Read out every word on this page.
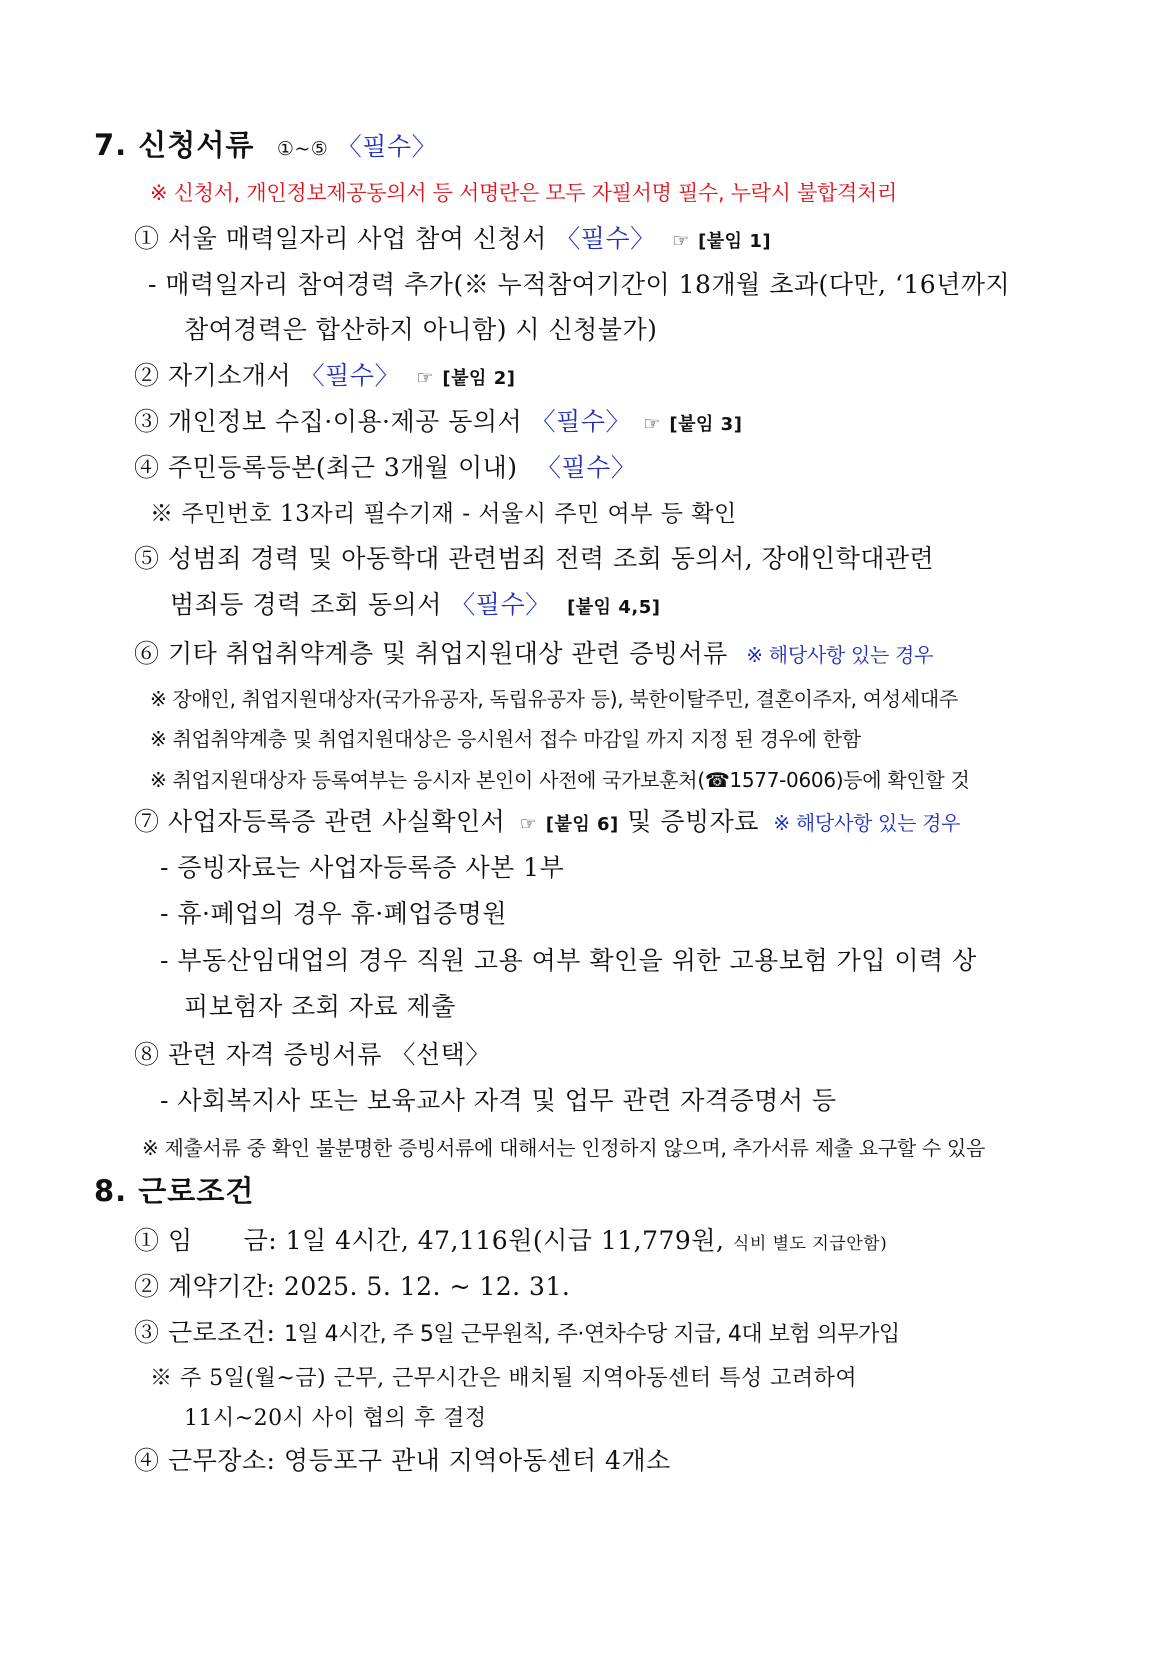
7. 신청서류 ①~⑤ 〈필수〉
※ 신청서, 개인정보제공동의서 등 서명란은 모두 자필서명 필수, 누락시 불합격처리
① 서울 매력일자리 사업 참여 신청서 〈필수〉 ☞ [붙임 1]
- 매력일자리 참여경력 추가(※ 누적참여기간이 18개월 초과(다만, ‘16년까지
참여경력은 합산하지 아니함) 시 신청불가)
② 자기소개서 〈필수〉 ☞ [붙임 2]
③ 개인정보 수집·이용·제공 동의서 〈필수〉 ☞ [붙임 3]
④ 주민등록등본(최근 3개월 이내) 〈필수〉
※ 주민번호 13자리 필수기재 - 서울시 주민 여부 등 확인
⑤ 성범죄 경력 및 아동학대 관련범죄 전력 조회 동의서, 장애인학대관련
범죄등 경력 조회 동의서 〈필수〉 [붙임 4,5]
⑥ 기타 취업취약계층 및 취업지원대상 관련 증빙서류 ※ 해당사항 있는 경우
※ 장애인, 취업지원대상자(국가유공자, 독립유공자 등), 북한이탈주민, 결혼이주자, 여성세대주
※ 취업취약계층 및 취업지원대상은 응시원서 접수 마감일 까지 지정 된 경우에 한함
※ 취업지원대상자 등록여부는 응시자 본인이 사전에 국가보훈처(☎1577-0606)등에 확인할 것
⑦ 사업자등록증 관련 사실확인서 ☞ [붙임 6] 및 증빙자료 ※ 해당사항 있는 경우
- 증빙자료는 사업자등록증 사본 1부
- 휴·폐업의 경우 휴·폐업증명원
- 부동산임대업의 경우 직원 고용 여부 확인을 위한 고용보험 가입 이력 상
피보험자 조회 자료 제출
⑧ 관련 자격 증빙서류 〈선택〉
- 사회복지사 또는 보육교사 자격 및 업무 관련 자격증명서 등
※ 제출서류 중 확인 불분명한 증빙서류에 대해서는 인정하지 않으며, 추가서류 제출 요구할 수 있음
8. 근로조건
① 임　　금: 1일 4시간, 47,116원(시급 11,779원, 식비 별도 지급안함)
② 계약기간: 2025. 5. 12. ~ 12. 31.
③ 근로조건: 1일 4시간, 주 5일 근무원칙, 주·연차수당 지급, 4대 보험 의무가입
※ 주 5일(월~금) 근무, 근무시간은 배치될 지역아동센터 특성 고려하여
11시~20시 사이 협의 후 결정
④ 근무장소: 영등포구 관내 지역아동센터 4개소
